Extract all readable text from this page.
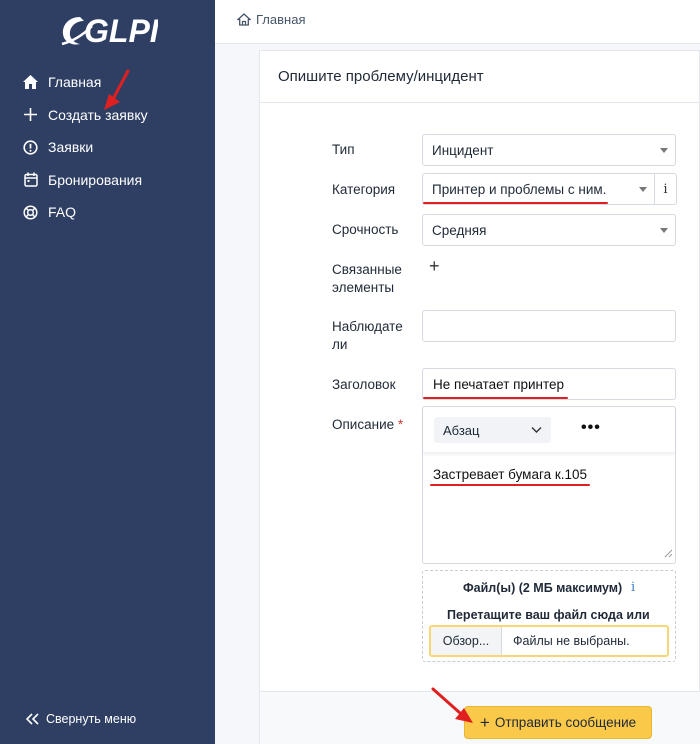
GLPI
Главная
Создать заявку
Заявки
Бронирования
FAQ
Свернуть меню
Главная
Опишите проблему/инцидент
Тип	Инцидент
Категория	Принтер и проблемы с ним.	i
Срочность Средняя
Связанные элементы
+
Наблюдатели
Заголовок	Не печатает принтер
Описание *	Абзац	•••
Застревает бумага к.105
Файл(ы) (2 МБ максимум) i
Перетащите ваш файл сюда или
Обзор...	Файлы не выбраны.
+ Отправить сообщение
